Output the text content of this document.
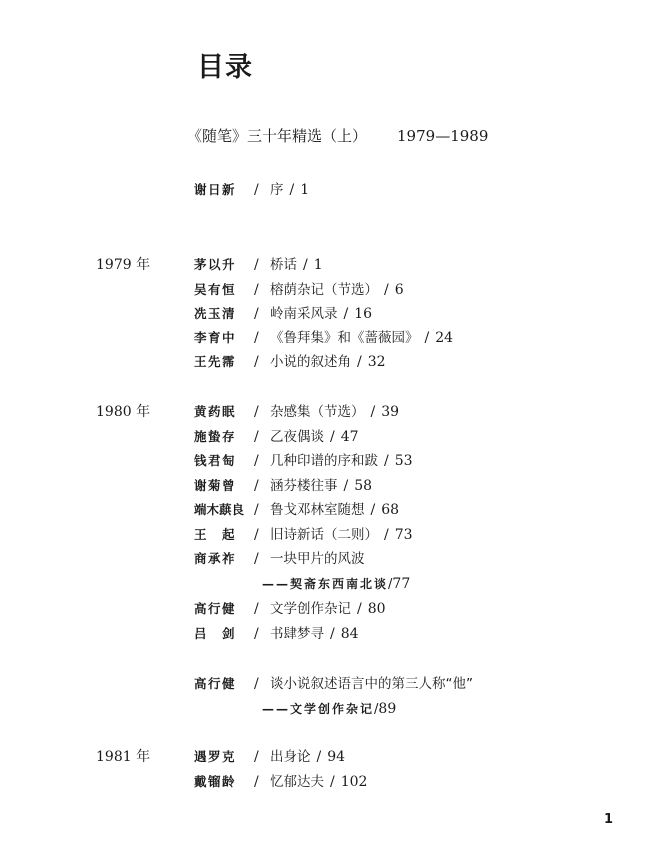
目录
《随笔》三十年精选（上） 1979—1989
谢日新 / 序 / 1
1979 年
1980 年
1981 年
茅以升 / 桥话 / 1
吴有恒 / 榕荫杂记（节选） / 6
冼玉清 / 岭南采风录 / 16
李育中 / 《鲁拜集》和《蔷薇园》 / 24
王先霈 / 小说的叙述角 / 32
黄药眠 / 杂感集（节选） / 39
施蛰存 / 乙夜偶谈 / 47
钱君匋 / 几种印谱的序和跋 / 53
谢菊曾 / 涵芬楼往事 / 58
端木蕻良 / 鲁戈邓林室随想 / 68
王　起 / 旧诗新话（二则） / 73
商承祚 / 一块甲片的风波
——契斋东西南北谈/77
高行健 / 文学创作杂记 / 80
吕　剑 / 书肆梦寻 / 84
高行健 / 谈小说叙述语言中的第三人称“他”
——文学创作杂记/89
遇罗克 / 出身论 / 94
戴镏龄 / 忆郁达夫 / 102
1
